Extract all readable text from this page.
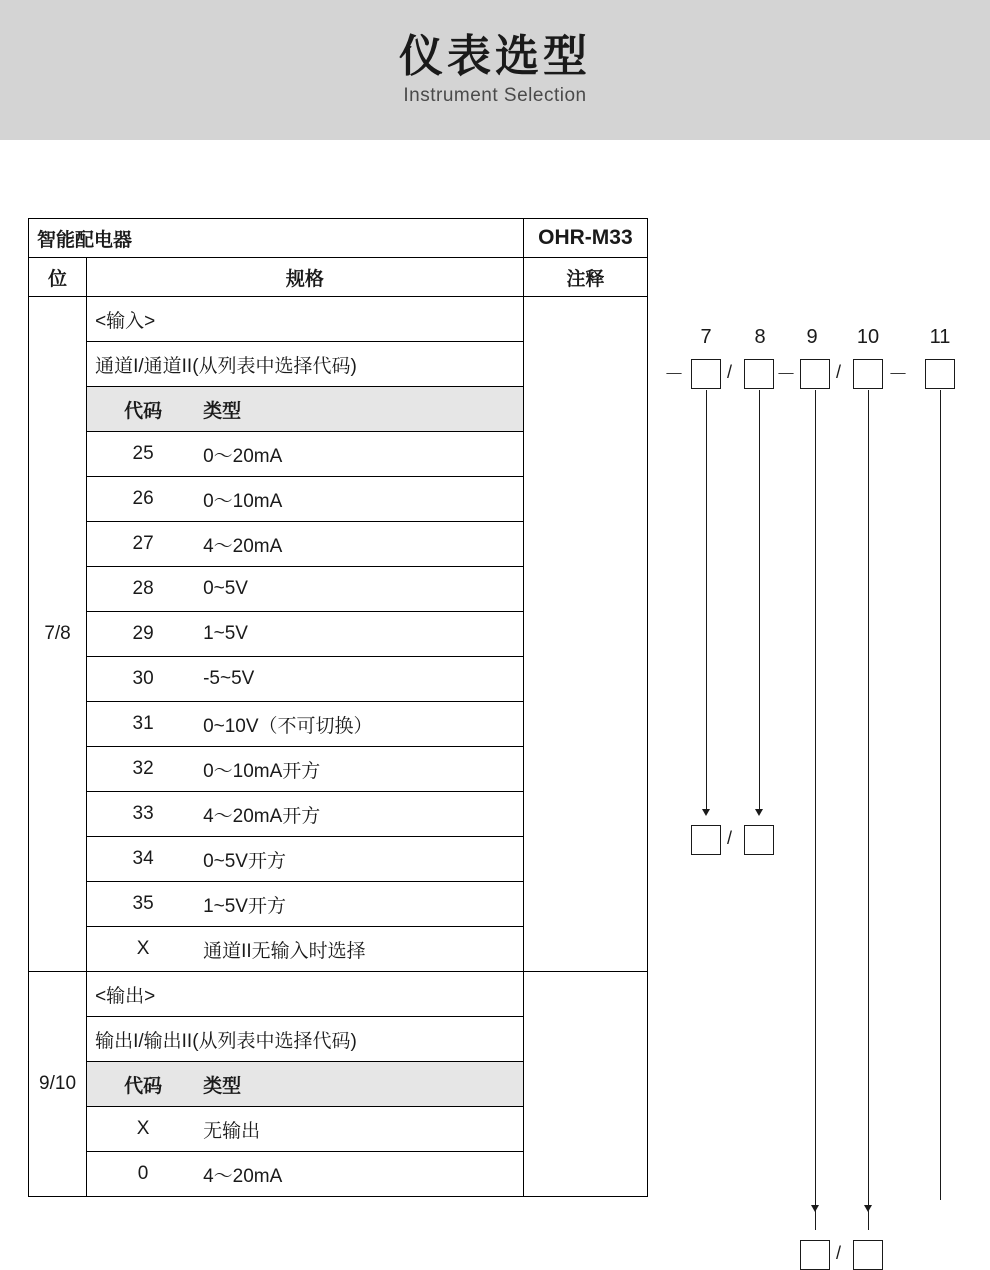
仪表选型
Instrument Selection
智能配电器		OHR-M33
位	规格	注释
7/8	<输入>	

通道I/通道II(从列表中选择代码)	

	代码 类型	

	25 0～20mA	

	26 0～10mA	

	27 4～20mA	

	28 0~5V	

	29 1~5V	

	30 -5~5V	

	31 0~10V（不可切换）	

	32 0～10mA开方	

	33 4～20mA开方	

	34 0~5V开方	

	35 1~5V开方	

	X 通道II无输入时选择	

9/10	<输出>	

输出I/输出II(从列表中选择代码)	

	代码 类型	

	X 无输出	

	0 4～20mA	
7 8 9 10	11
－ / － / －
/
/
